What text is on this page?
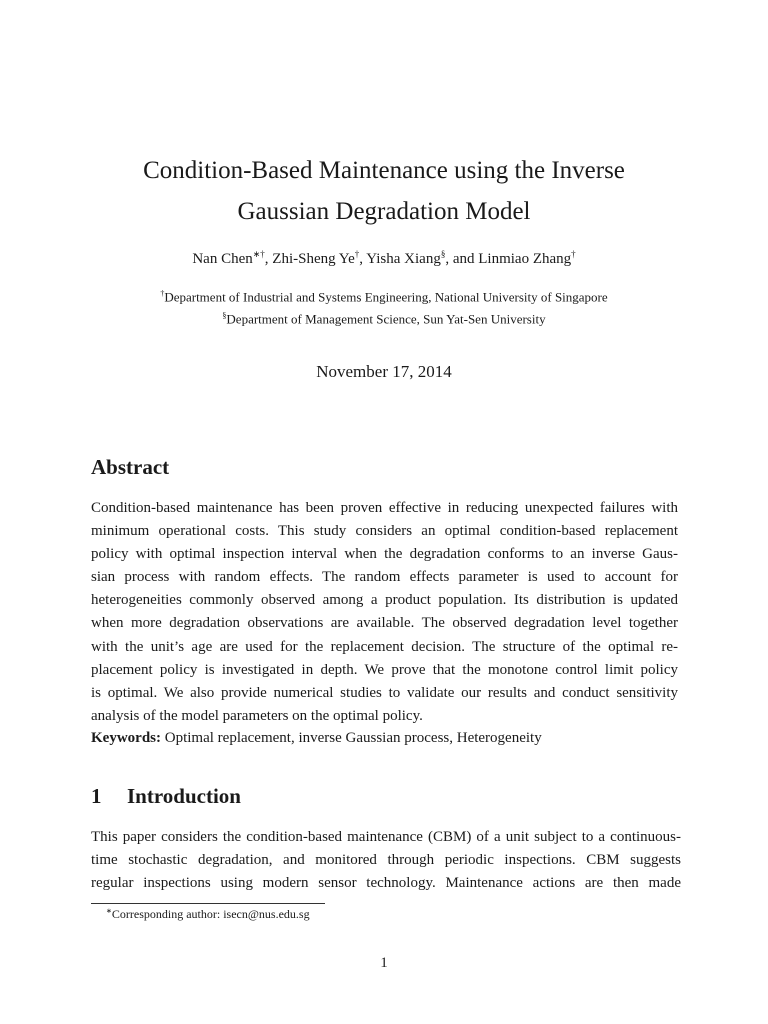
Condition-Based Maintenance using the Inverse
Gaussian Degradation Model
Nan Chen∗†, Zhi-Sheng Ye†, Yisha Xiang§, and Linmiao Zhang†
†Department of Industrial and Systems Engineering, National University of Singapore
§Department of Management Science, Sun Yat-Sen University
November 17, 2014
Abstract

Condition-based maintenance has been proven effective in reducing unexpected failures with
minimum operational costs. This study considers an optimal condition-based replacement
policy with optimal inspection interval when the degradation conforms to an inverse Gaus-
sian process with random effects. The random effects parameter is used to account for
heterogeneities commonly observed among a product population. Its distribution is updated
when more degradation observations are available. The observed degradation level together
with the unit’s age are used for the replacement decision. The structure of the optimal re-
placement policy is investigated in depth. We prove that the monotone control limit policy
is optimal. We also provide numerical studies to validate our results and conduct sensitivity
analysis of the model parameters on the optimal policy.

Keywords: Optimal replacement, inverse Gaussian process, Heterogeneity
1 Introduction

This paper considers the condition-based maintenance (CBM) of a unit subject to a continuous-
time stochastic degradation, and monitored through periodic inspections. CBM suggests
regular inspections using modern sensor technology. Maintenance actions are then made

∗Corresponding author: isecn@nus.edu.sg
1
